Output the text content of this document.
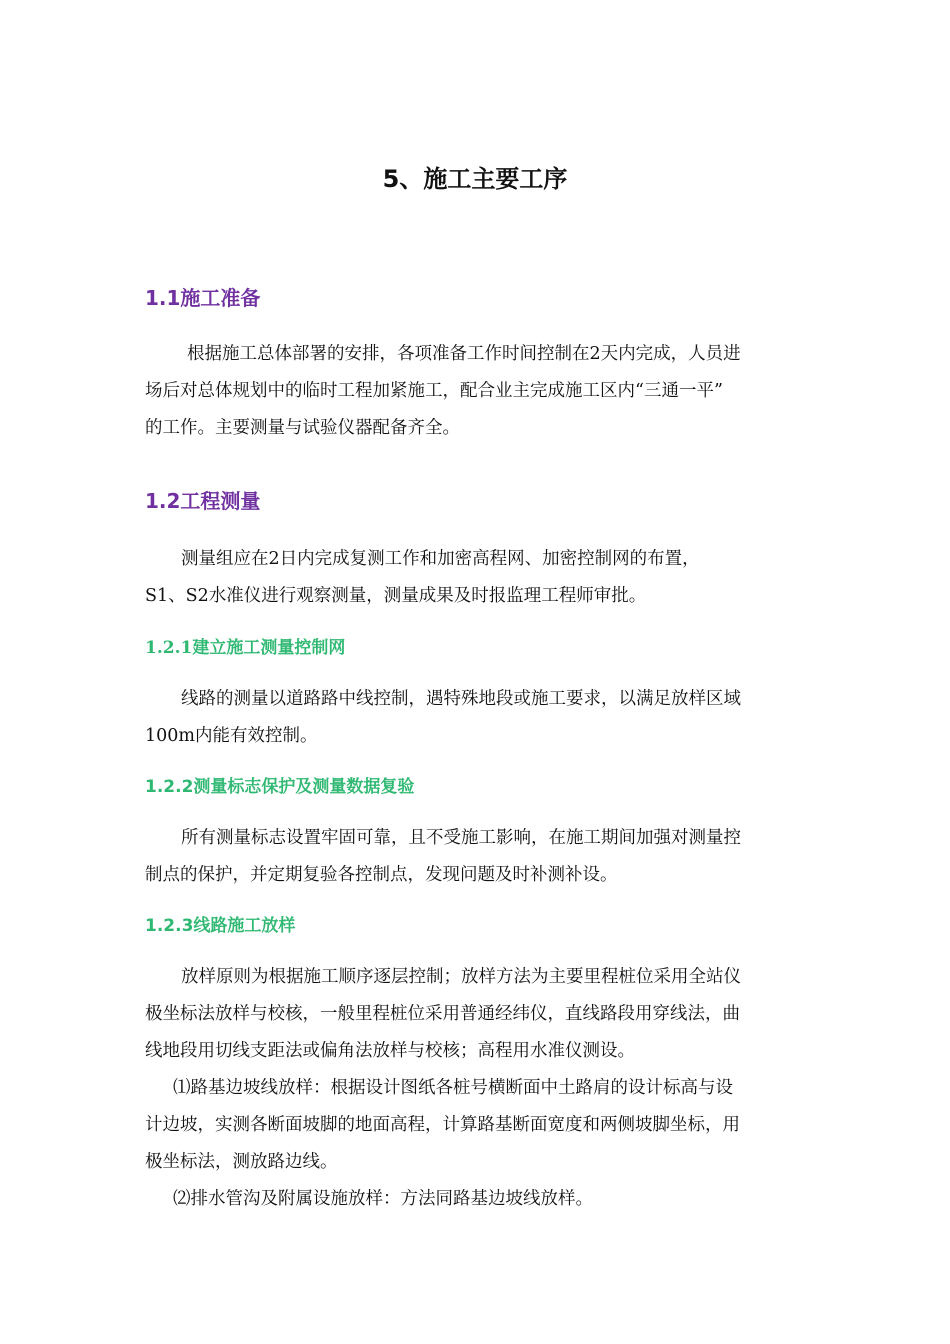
5、施工主要工序
1.1施工准备
根据施工总体部署的安排，各项准备工作时间控制在2天内完成，人员进
场后对总体规划中的临时工程加紧施工，配合业主完成施工区内“三通一平”
的工作。主要测量与试验仪器配备齐全。
1.2工程测量
测量组应在2日内完成复测工作和加密高程网、加密控制网的布置，
S1、S2水准仪进行观察测量，测量成果及时报监理工程师审批。
1.2.1建立施工测量控制网
线路的测量以道路路中线控制，遇特殊地段或施工要求，以满足放样区域
100m内能有效控制。
1.2.2测量标志保护及测量数据复验
所有测量标志设置牢固可靠，且不受施工影响，在施工期间加强对测量控
制点的保护，并定期复验各控制点，发现问题及时补测补设。
1.2.3线路施工放样
放样原则为根据施工顺序逐层控制；放样方法为主要里程桩位采用全站仪
极坐标法放样与校核，一般里程桩位采用普通经纬仪，直线路段用穿线法，曲
线地段用切线支距法或偏角法放样与校核；高程用水准仪测设。
⑴路基边坡线放样：根据设计图纸各桩号横断面中土路肩的设计标高与设
计边坡，实测各断面坡脚的地面高程，计算路基断面宽度和两侧坡脚坐标，用
极坐标法，测放路边线。
⑵排水管沟及附属设施放样：方法同路基边坡线放样。
